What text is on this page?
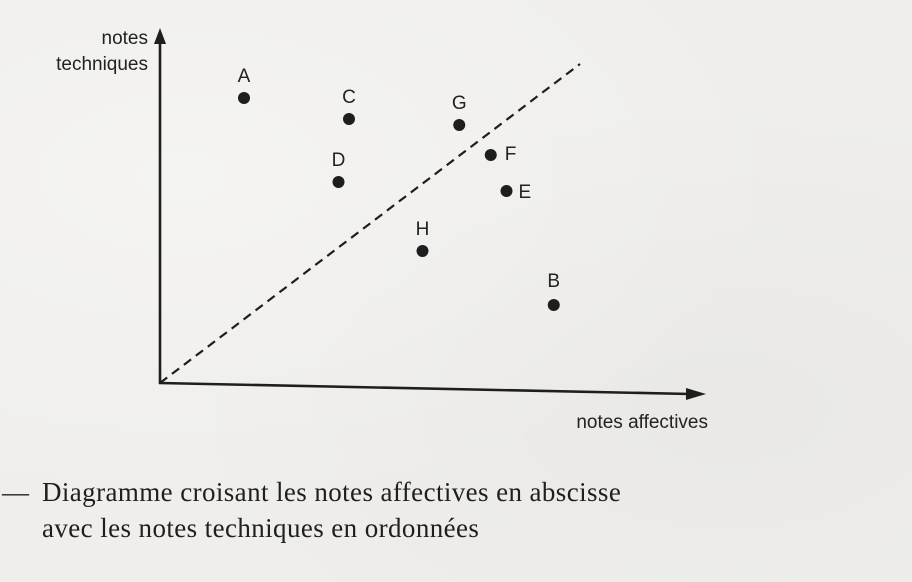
A
C	G
F
D
E
H
B
notes
techniques
notes affectives
— Diagramme croisant les notes affectives en abscisse
avec les notes techniques en ordonnées
